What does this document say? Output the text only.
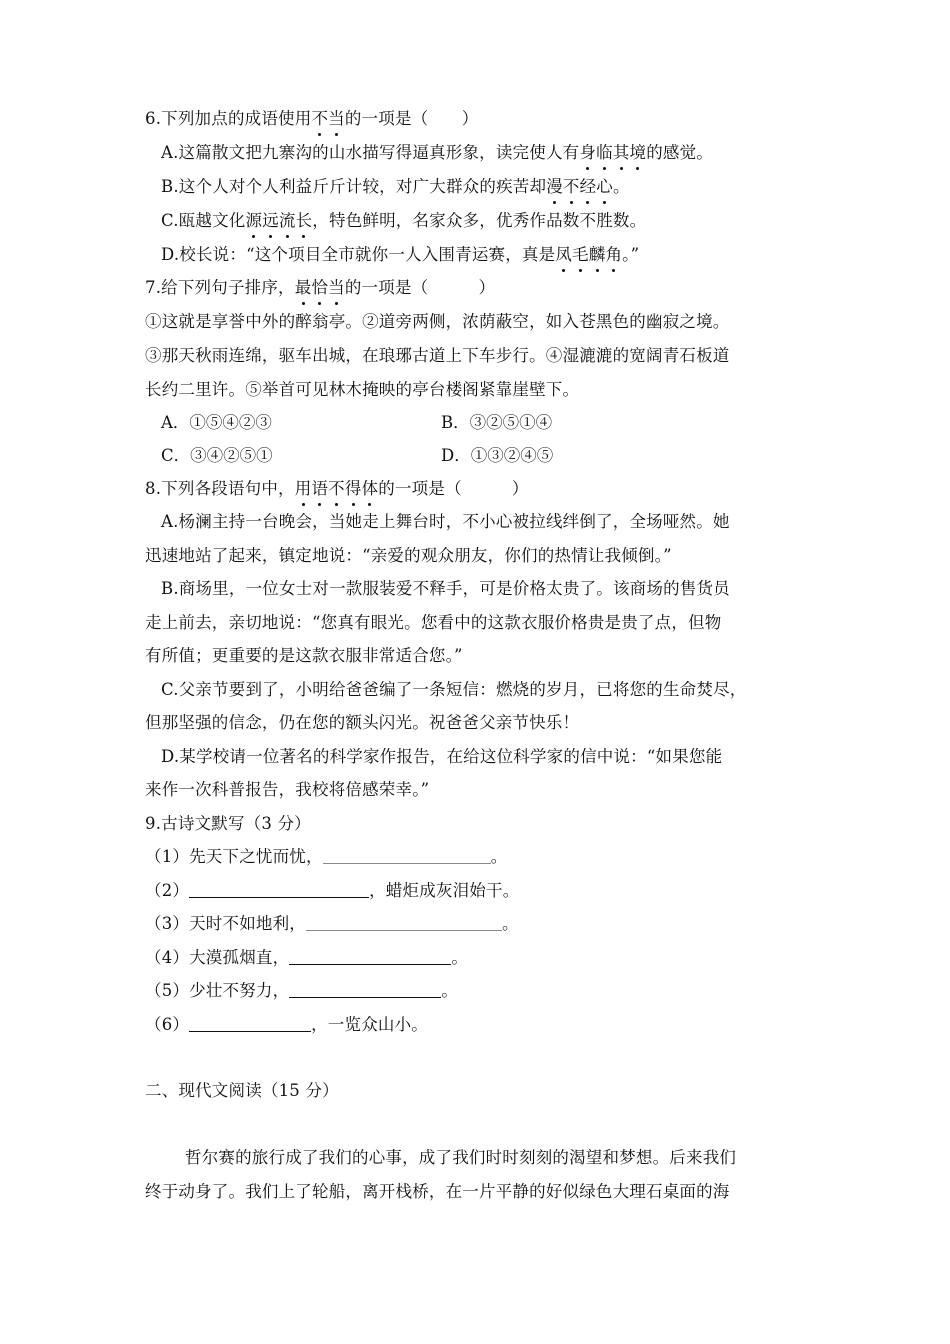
6.下列加点的成语使用不当的一项是（　　）
A.这篇散文把九寨沟的山水描写得逼真形象，读完使人有身临其境的感觉。
B.这个人对个人利益斤斤计较，对广大群众的疾苦却漫不经心。
C.瓯越文化源远流长，特色鲜明，名家众多，优秀作品数不胜数。
D.校长说：“这个项目全市就你一人入围青运赛，真是凤毛麟角。”
7.给下列句子排序，最恰当的一项是（　　　）
①这就是享誉中外的醉翁亭。②道旁两侧，浓荫蔽空，如入苍黑色的幽寂之境。
③那天秋雨连绵，驱车出城，在琅琊古道上下车步行。④湿漉漉的宽阔青石板道
长约二里许。⑤举首可见林木掩映的亭台楼阁紧靠崖壁下。
A．①⑤④②③	B．③②⑤①④
C．③④②⑤①	D．①③②④⑤
8.下列各段语句中，用语不得体的一项是（　　　）
A.杨澜主持一台晚会，当她走上舞台时，不小心被拉线绊倒了，全场哑然。她
迅速地站了起来，镇定地说：“亲爱的观众朋友，你们的热情让我倾倒。”
B.商场里，一位女士对一款服装爱不释手，可是价格太贵了。该商场的售货员
走上前去，亲切地说：“您真有眼光。您看中的这款衣服价格贵是贵了点，但物
有所值；更重要的是这款衣服非常适合您。”
C.父亲节要到了，小明给爸爸编了一条短信：燃烧的岁月，已将您的生命焚尽，
但那坚强的信念，仍在您的额头闪光。祝爸爸父亲节快乐！
D.某学校请一位著名的科学家作报告，在给这位科学家的信中说：“如果您能
来作一次科普报告，我校将倍感荣幸。”
9.古诗文默写（3 分）
（1）先天下之忧而忧，	。
（2）	，蜡炬成灰泪始干。
（3）天时不如地利，	。
（4）大漠孤烟直，	。
（5）少壮不努力，	。
（6）	，一览众山小。
二、现代文阅读（15 分）
哲尔赛的旅行成了我们的心事，成了我们时时刻刻的渴望和梦想。后来我们
终于动身了。我们上了轮船，离开栈桥，在一片平静的好似绿色大理石桌面的海
